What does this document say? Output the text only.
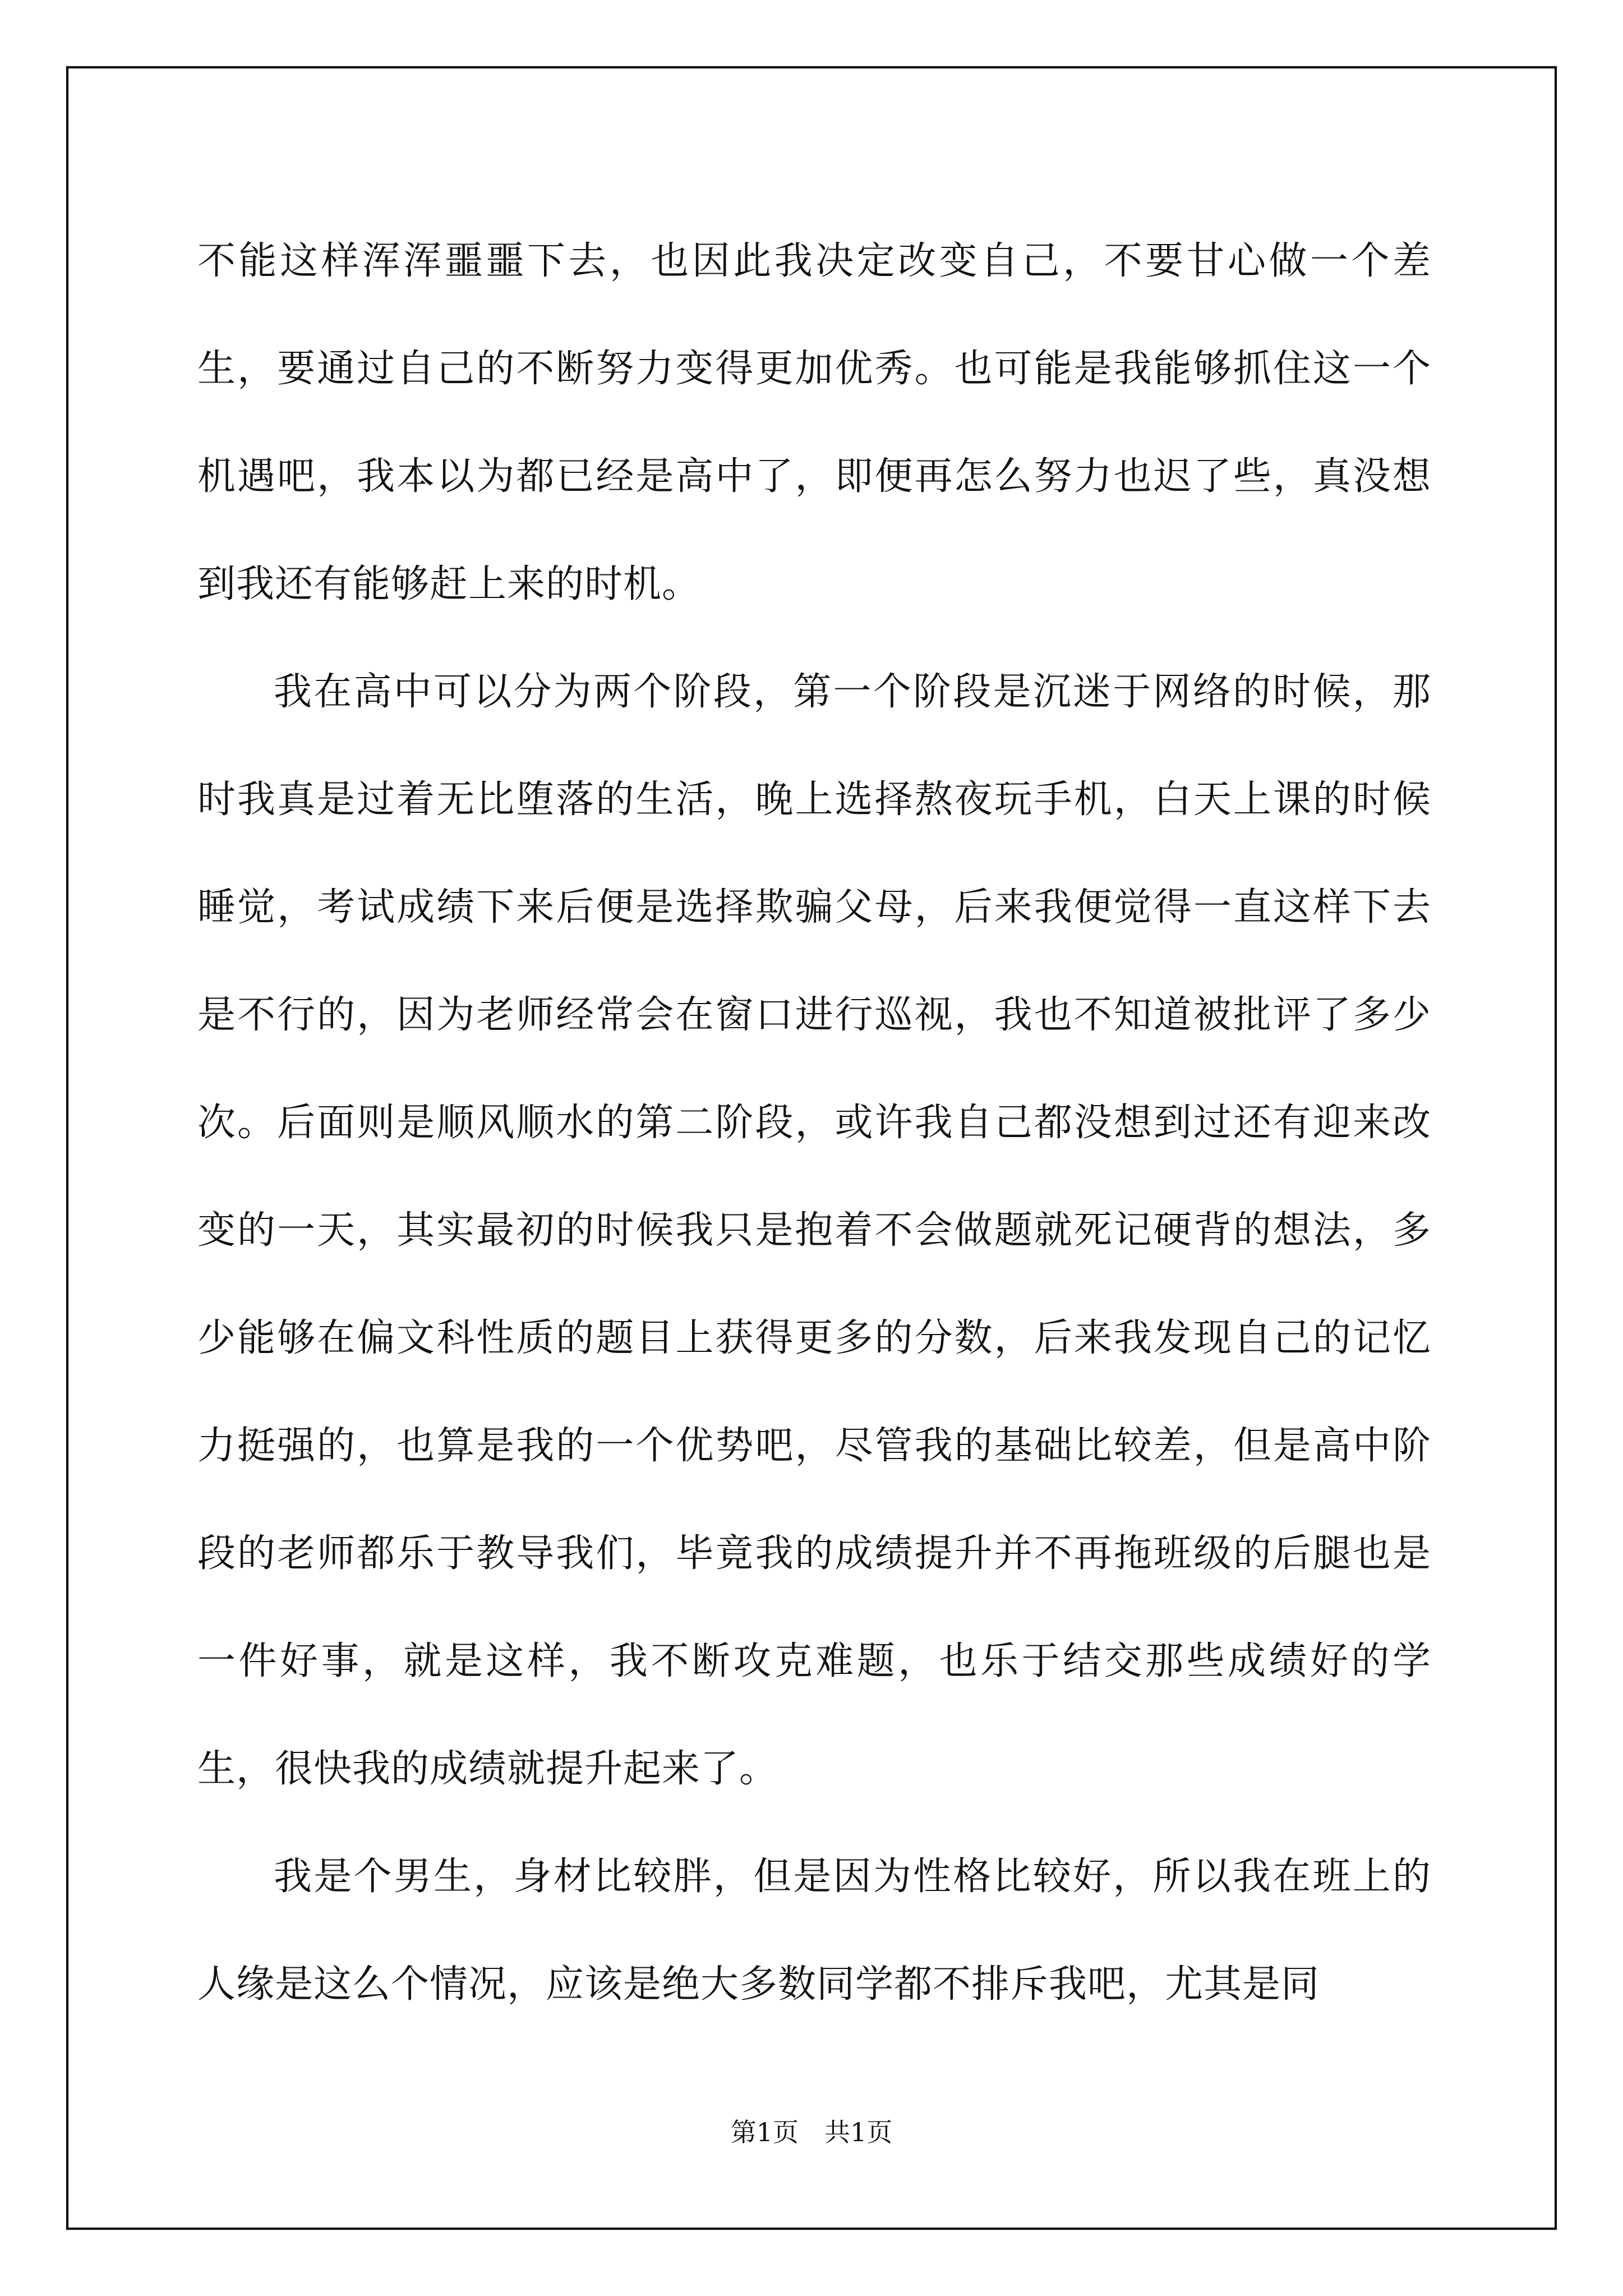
不能这样浑浑噩噩下去，也因此我决定改变自己，不要甘心做一个差生，要通过自己的不断努力变得更加优秀。也可能是我能够抓住这一个机遇吧，我本以为都已经是高中了，即便再怎么努力也迟了些，真没想到我还有能够赶上来的时机。

我在高中可以分为两个阶段，第一个阶段是沉迷于网络的时候，那时我真是过着无比堕落的生活，晚上选择熬夜玩手机，白天上课的时候睡觉，考试成绩下来后便是选择欺骗父母，后来我便觉得一直这样下去是不行的，因为老师经常会在窗口进行巡视，我也不知道被批评了多少次。后面则是顺风顺水的第二阶段，或许我自己都没想到过还有迎来改变的一天，其实最初的时候我只是抱着不会做题就死记硬背的想法，多少能够在偏文科性质的题目上获得更多的分数，后来我发现自己的记忆力挺强的，也算是我的一个优势吧，尽管我的基础比较差，但是高中阶段的老师都乐于教导我们，毕竟我的成绩提升并不再拖班级的后腿也是一件好事，就是这样，我不断攻克难题，也乐于结交那些成绩好的学生，很快我的成绩就提升起来了。

我是个男生，身材比较胖，但是因为性格比较好，所以我在班上的人缘是这么个情况，应该是绝大多数同学都不排斥我吧，尤其是同

第1页　共1页
